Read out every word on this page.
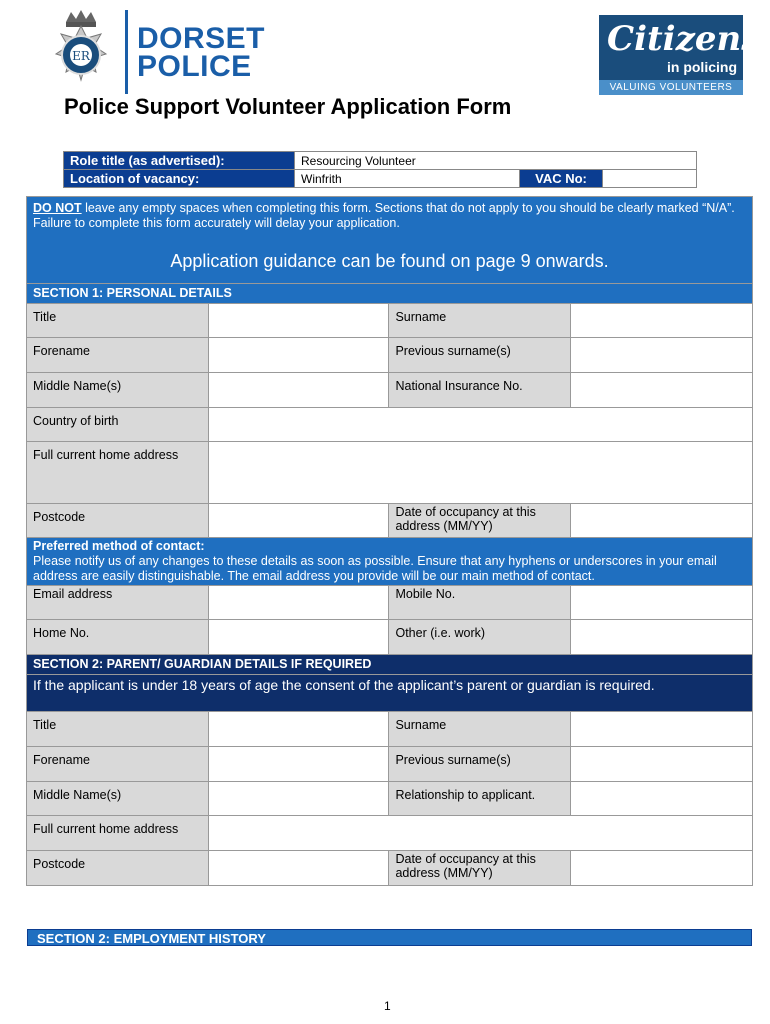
ER
DORSET
POLICE
Citizens
in policing
VALUING VOLUNTEERS
Police Support Volunteer Application Form
Role title (as advertised):	Resourcing Volunteer		
Location of vacancy:	Winfrith	VAC No:	
DO NOT leave any empty spaces when completing this form. Sections that do not apply to you should be clearly marked “N/A”. Failure to complete this form accurately will delay your application.
Application guidance can be found on page 9 onwards.			

SECTION 1: PERSONAL DETAILS			
Title		Surname	
Forename		Previous surname(s)	
Middle Name(s)		National Insurance No.	
Country of birth			
Full current home address			
Postcode		Date of occupancy at this address (MM/YY)	

Preferred method of contact:
Please notify us of any changes to these details as soon as possible. Ensure that any hyphens or underscores in your email address are easily distinguishable. The email address you provide will be our main method of contact.			

Email address		Mobile No.	
Home No.		Other (i.e. work)	
SECTION 2: PARENT/ GUARDIAN DETAILS IF REQUIRED			
If the applicant is under 18 years of age the consent of the applicant’s parent or guardian is required.			
Title		Surname	
Forename		Previous surname(s)	
Middle Name(s)		Relationship to applicant.	
Full current home address			
Postcode		Date of occupancy at this address (MM/YY)	
SECTION 2: EMPLOYMENT HISTORY
1
